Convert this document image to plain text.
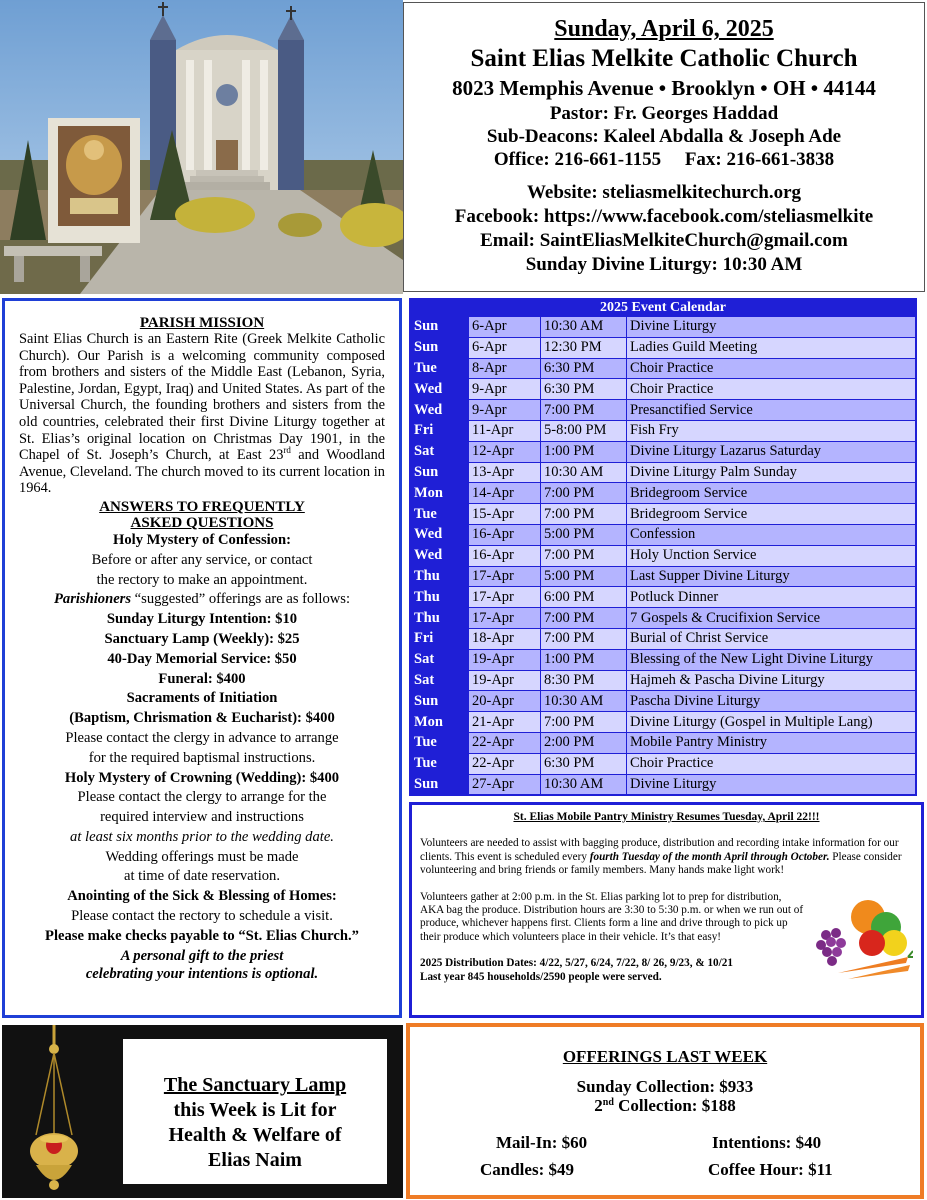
Sunday, April 6, 2025
Saint Elias Melkite Catholic Church
8023 Memphis Avenue • Brooklyn • OH • 44144
Pastor: Fr. Georges Haddad
Sub-Deacons: Kaleel Abdalla & Joseph Ade
Office: 216-661-1155 Fax: 216-661-3838
Website: steliasmelkitechurch.org
Facebook: https://www.facebook.com/steliasmelkite
Email: SaintEliasMelkiteChurch@gmail.com
Sunday Divine Liturgy: 10:30 AM
PARISH MISSION
Saint Elias Church is an Eastern Rite (Greek Melkite Catholic Church). Our Parish is a welcoming community composed from brothers and sisters of the Middle East (Lebanon, Syria, Palestine, Jordan, Egypt, Iraq) and United States. As part of the Universal Church, the founding brothers and sisters from the old countries, celebrated their first Divine Liturgy together at St. Elias’s original location on Christmas Day 1901, in the Chapel of St. Joseph’s Church, at East 23rd and Woodland Avenue, Cleveland. The church moved to its current location in 1964.
ANSWERS TO FREQUENTLY
ASKED QUESTIONS
Holy Mystery of Confession:
Before or after any service, or contact
the rectory to make an appointment.
Parishioners “suggested” offerings are as follows:
Sunday Liturgy Intention: $10
Sanctuary Lamp (Weekly): $25
40-Day Memorial Service: $50
Funeral: $400
Sacraments of Initiation
(Baptism, Chrismation & Eucharist): $400
Please contact the clergy in advance to arrange
for the required baptismal instructions.
Holy Mystery of Crowning (Wedding): $400
Please contact the clergy to arrange for the
required interview and instructions
at least six months prior to the wedding date.
Wedding offerings must be made
at time of date reservation.
Anointing of the Sick & Blessing of Homes:
Please contact the rectory to schedule a visit.
Please make checks payable to “St. Elias Church.”
A personal gift to the priest
celebrating your intentions is optional.
2025 Event Calendar
Sun	6-Apr	10:30 AM	Divine Liturgy
Sun	6-Apr	12:30 PM	Ladies Guild Meeting
Tue	8-Apr	6:30 PM	Choir Practice
Wed	9-Apr	6:30 PM	Choir Practice
Wed	9-Apr	7:00 PM	Presanctified Service
Fri	11-Apr	5-8:00 PM	Fish Fry
Sat	12-Apr	1:00 PM	Divine Liturgy Lazarus Saturday
Sun	13-Apr	10:30 AM	Divine Liturgy Palm Sunday
Mon	14-Apr	7:00 PM	Bridegroom Service
Tue	15-Apr	7:00 PM	Bridegroom Service
Wed	16-Apr	5:00 PM	Confession
Wed	16-Apr	7:00 PM	Holy Unction Service
Thu	17-Apr	5:00 PM	Last Supper Divine Liturgy
Thu	17-Apr	6:00 PM	Potluck Dinner
Thu	17-Apr	7:00 PM	7 Gospels & Crucifixion Service
Fri	18-Apr	7:00 PM	Burial of Christ Service
Sat	19-Apr	1:00 PM	Blessing of the New Light Divine Liturgy
Sat	19-Apr	8:30 PM	Hajmeh & Pascha Divine Liturgy
Sun	20-Apr	10:30 AM	Pascha Divine Liturgy
Mon	21-Apr	7:00 PM	Divine Liturgy (Gospel in Multiple Lang)
Tue	22-Apr	2:00 PM	Mobile Pantry Ministry
Tue	22-Apr	6:30 PM	Choir Practice
Sun	27-Apr	10:30 AM	Divine Liturgy
St. Elias Mobile Pantry Ministry Resumes Tuesday, April 22!!!

Volunteers are needed to assist with bagging produce, distribution and recording intake information for our clients. This event is scheduled every fourth Tuesday of the month April through October. Please consider volunteering and bring friends or family members. Many hands make light work!

Volunteers gather at 2:00 p.m. in the St. Elias parking lot to prep for distribution, AKA bag the produce. Distribution hours are 3:30 to 5:30 p.m. or when we run out of produce, whichever happens first. Clients form a line and drive through to pick up their produce which volunteers place in their vehicle. It’s that easy!

2025 Distribution Dates: 4/22, 5/27, 6/24, 7/22, 8/ 26, 9/23, & 10/21
Last year 845 households/2590 people were served.

The Sanctuary Lamp
this Week is Lit for
Health & Welfare of
Elias Naim
OFFERINGS LAST WEEK
Sunday Collection: $933
2nd Collection: $188
Mail-In: $60	Intentions: $40
Candles: $49	Coffee Hour: $11
